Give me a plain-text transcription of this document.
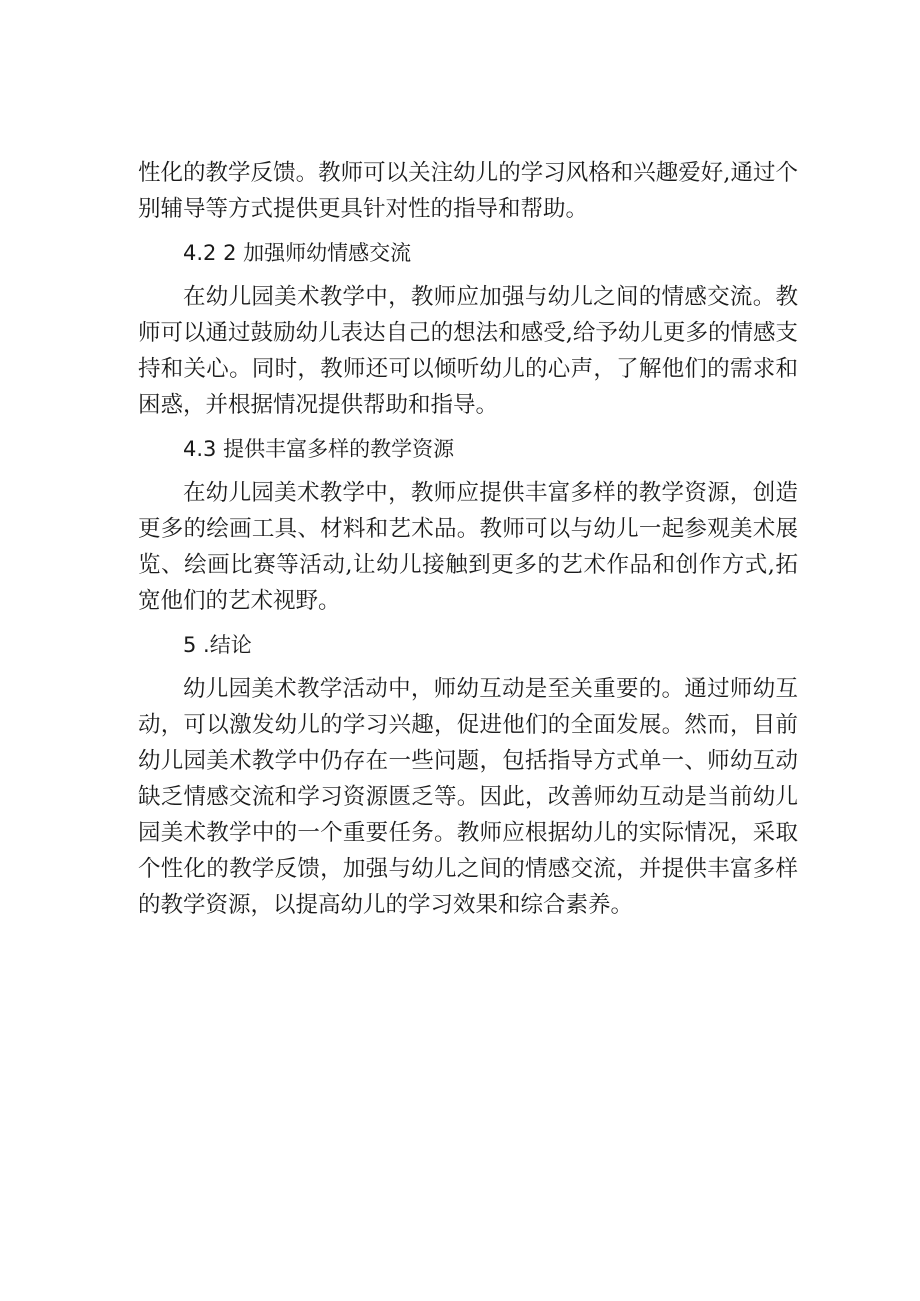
性化的教学反馈。教师可以关注幼儿的学习风格和兴趣爱好,通过个别辅导等方式提供更具针对性的指导和帮助。

4.2 2 加强师幼情感交流

在幼儿园美术教学中，教师应加强与幼儿之间的情感交流。教师可以通过鼓励幼儿表达自己的想法和感受,给予幼儿更多的情感支持和关心。同时，教师还可以倾听幼儿的心声，了解他们的需求和困惑，并根据情况提供帮助和指导。

4.3 提供丰富多样的教学资源

在幼儿园美术教学中，教师应提供丰富多样的教学资源，创造更多的绘画工具、材料和艺术品。教师可以与幼儿一起参观美术展览、绘画比赛等活动,让幼儿接触到更多的艺术作品和创作方式,拓宽他们的艺术视野。

5 .结论

幼儿园美术教学活动中，师幼互动是至关重要的。通过师幼互动，可以激发幼儿的学习兴趣，促进他们的全面发展。然而，目前幼儿园美术教学中仍存在一些问题，包括指导方式单一、师幼互动缺乏情感交流和学习资源匮乏等。因此，改善师幼互动是当前幼儿园美术教学中的一个重要任务。教师应根据幼儿的实际情况，采取个性化的教学反馈，加强与幼儿之间的情感交流，并提供丰富多样的教学资源，以提高幼儿的学习效果和综合素养。
